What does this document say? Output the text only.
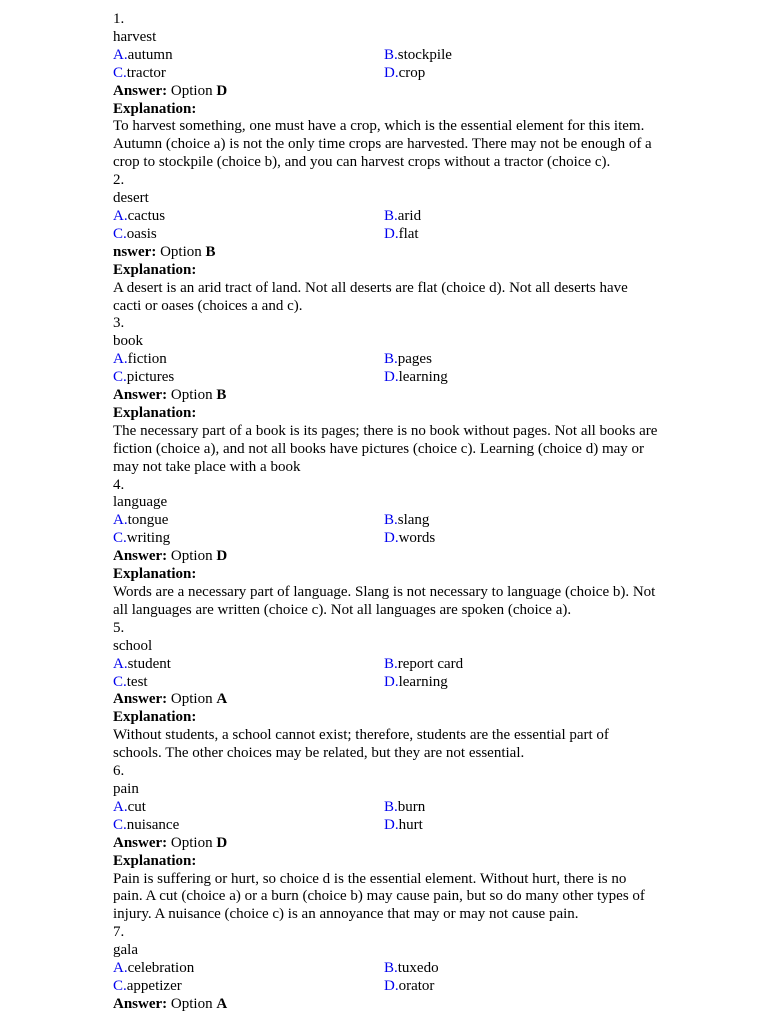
1.
harvest
A.autumn	B.stockpile
C.tractor	D.crop
Answer: Option D
Explanation:
To harvest something, one must have a crop, which is the essential element for this item. Autumn (choice a) is not the only time crops are harvested. There may not be enough of a crop to stockpile (choice b), and you can harvest crops without a tractor (choice c).
2.
desert
A.cactus	B.arid
C.oasis	D.flat
nswer: Option B
Explanation:
A desert is an arid tract of land. Not all deserts are flat (choice d). Not all deserts have cacti or oases (choices a and c).
3.
book
A.fiction	B.pages
C.pictures	D.learning
Answer: Option B
Explanation:
The necessary part of a book is its pages; there is no book without pages. Not all books are fiction (choice a), and not all books have pictures (choice c). Learning (choice d) may or may not take place with a book
4.
language
A.tongue	B.slang
C.writing	D.words
Answer: Option D
Explanation:
Words are a necessary part of language. Slang is not necessary to language (choice b). Not all languages are written (choice c). Not all languages are spoken (choice a).
5.
school
A.student	B.report card
C.test	D.learning
Answer: Option A
Explanation:
Without students, a school cannot exist; therefore, students are the essential part of schools. The other choices may be related, but they are not essential.
6.
pain
A.cut	B.burn
C.nuisance	D.hurt
Answer: Option D
Explanation:
Pain is suffering or hurt, so choice d is the essential element. Without hurt, there is no pain. A cut (choice a) or a burn (choice b) may cause pain, but so do many other types of injury. A nuisance (choice c) is an annoyance that may or may not cause pain.
7.
gala
A.celebration	B.tuxedo
C.appetizer	D.orator
Answer: Option A
